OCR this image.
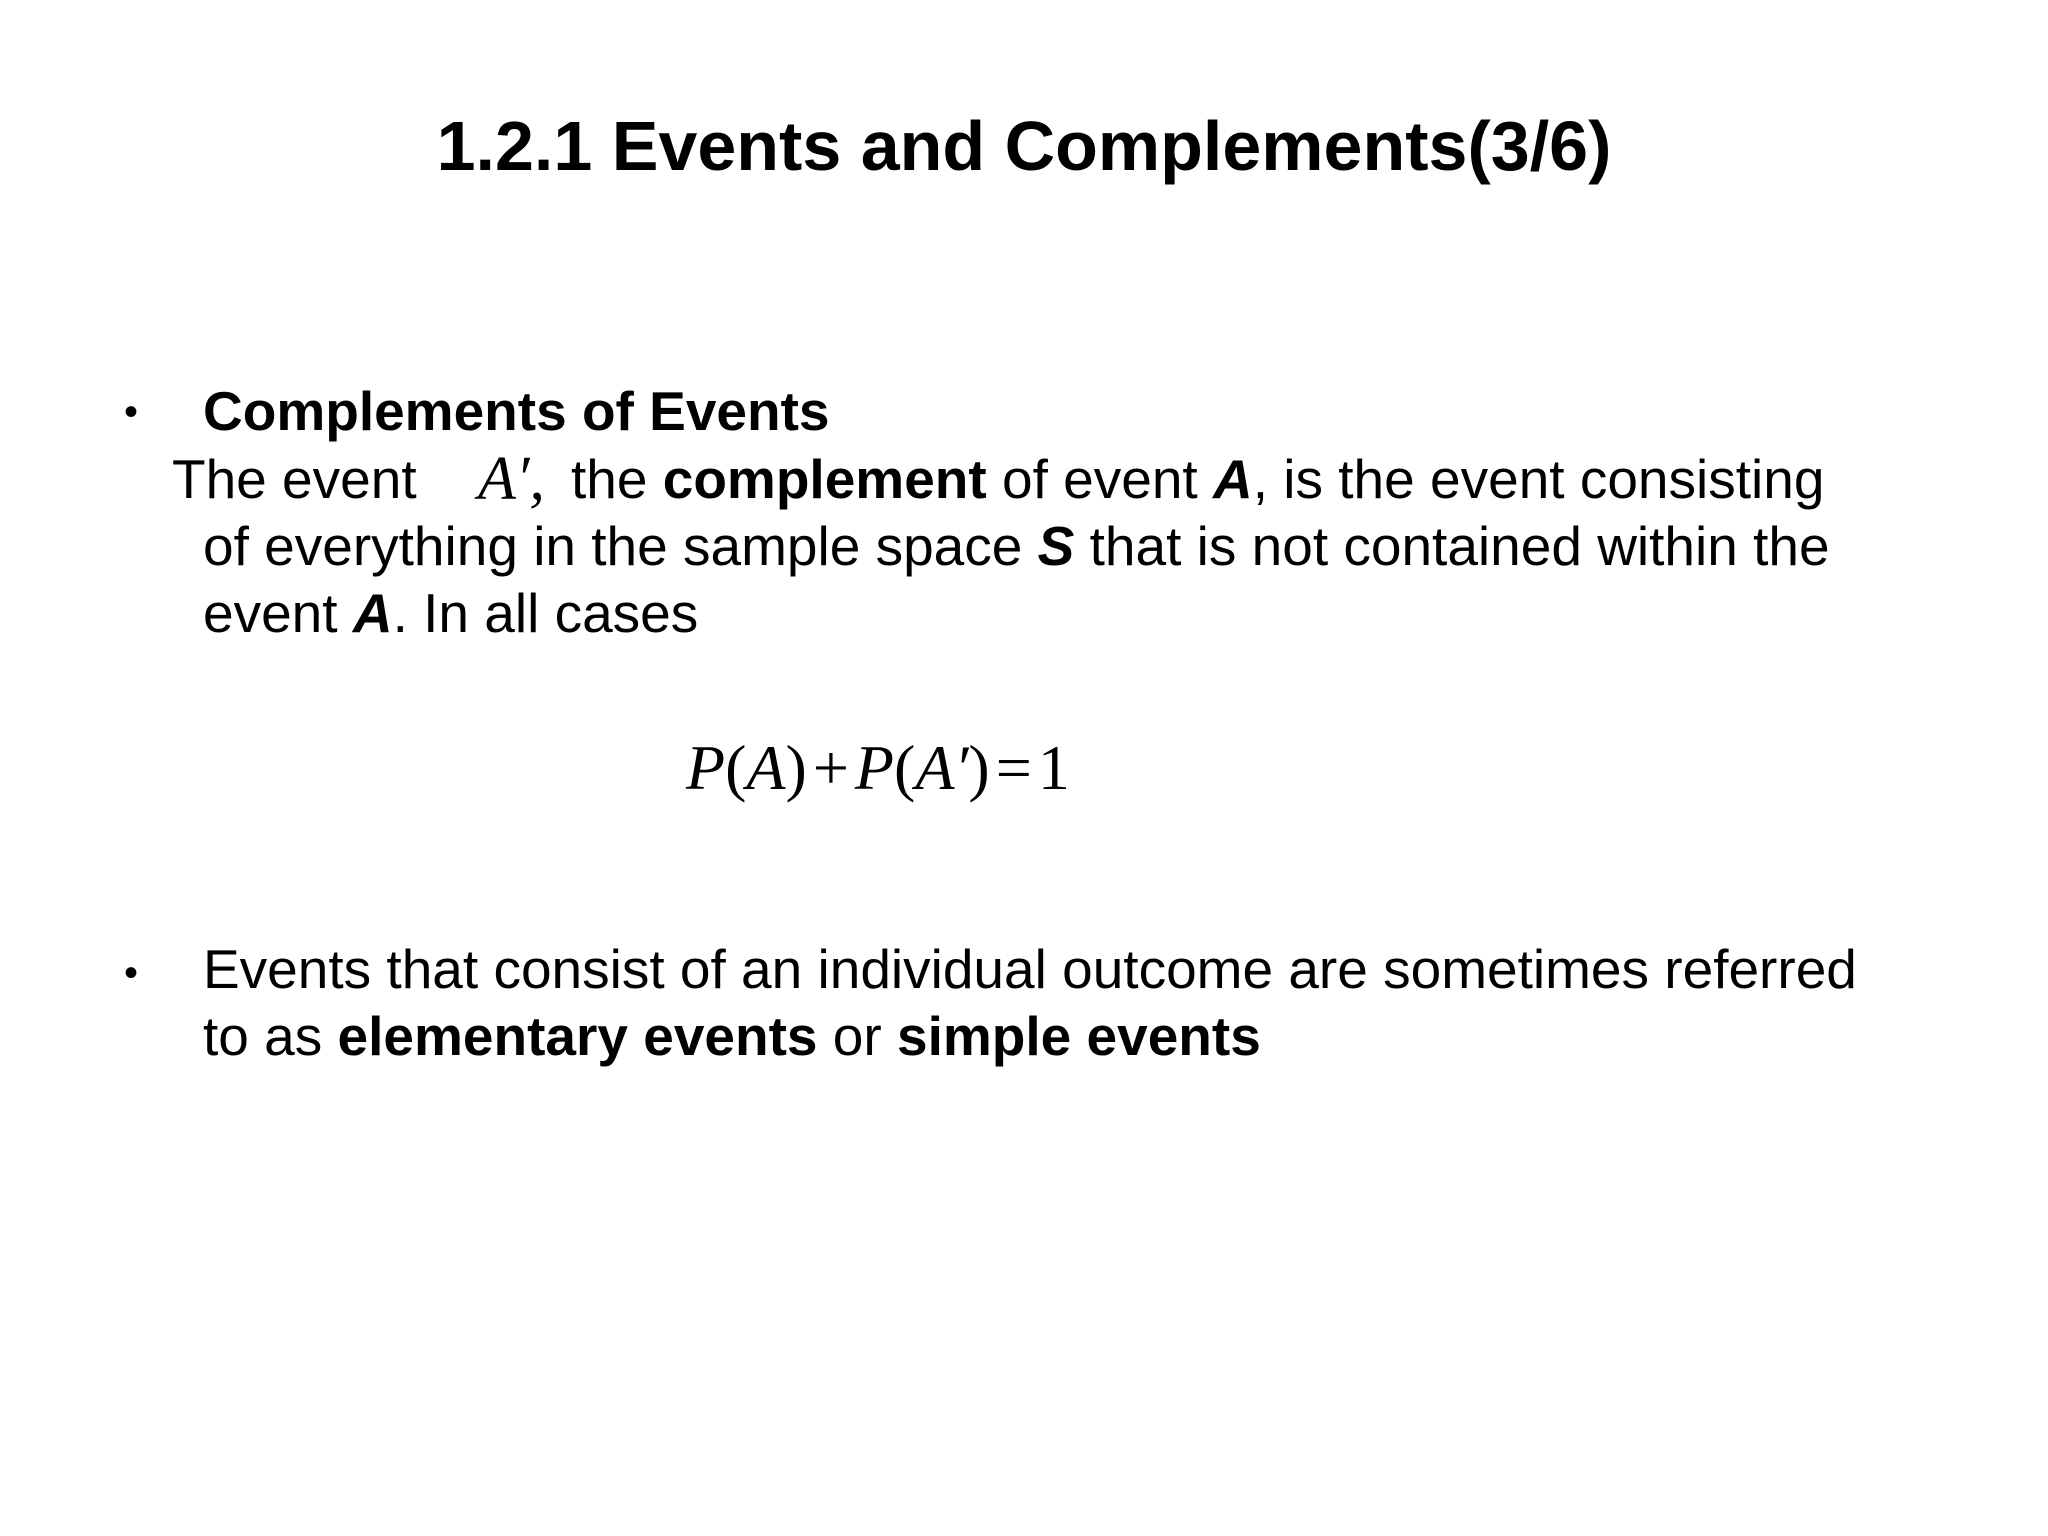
1.2.1 Events and Complements(3/6)
• Complements of Events
The event A′, the complement of event A, is the event consisting
of everything in the sample space S that is not contained within the
event A. In all cases
P(A)+P(A′)=1
• Events that consist of an individual outcome are sometimes referred
to as elementary events or simple events
